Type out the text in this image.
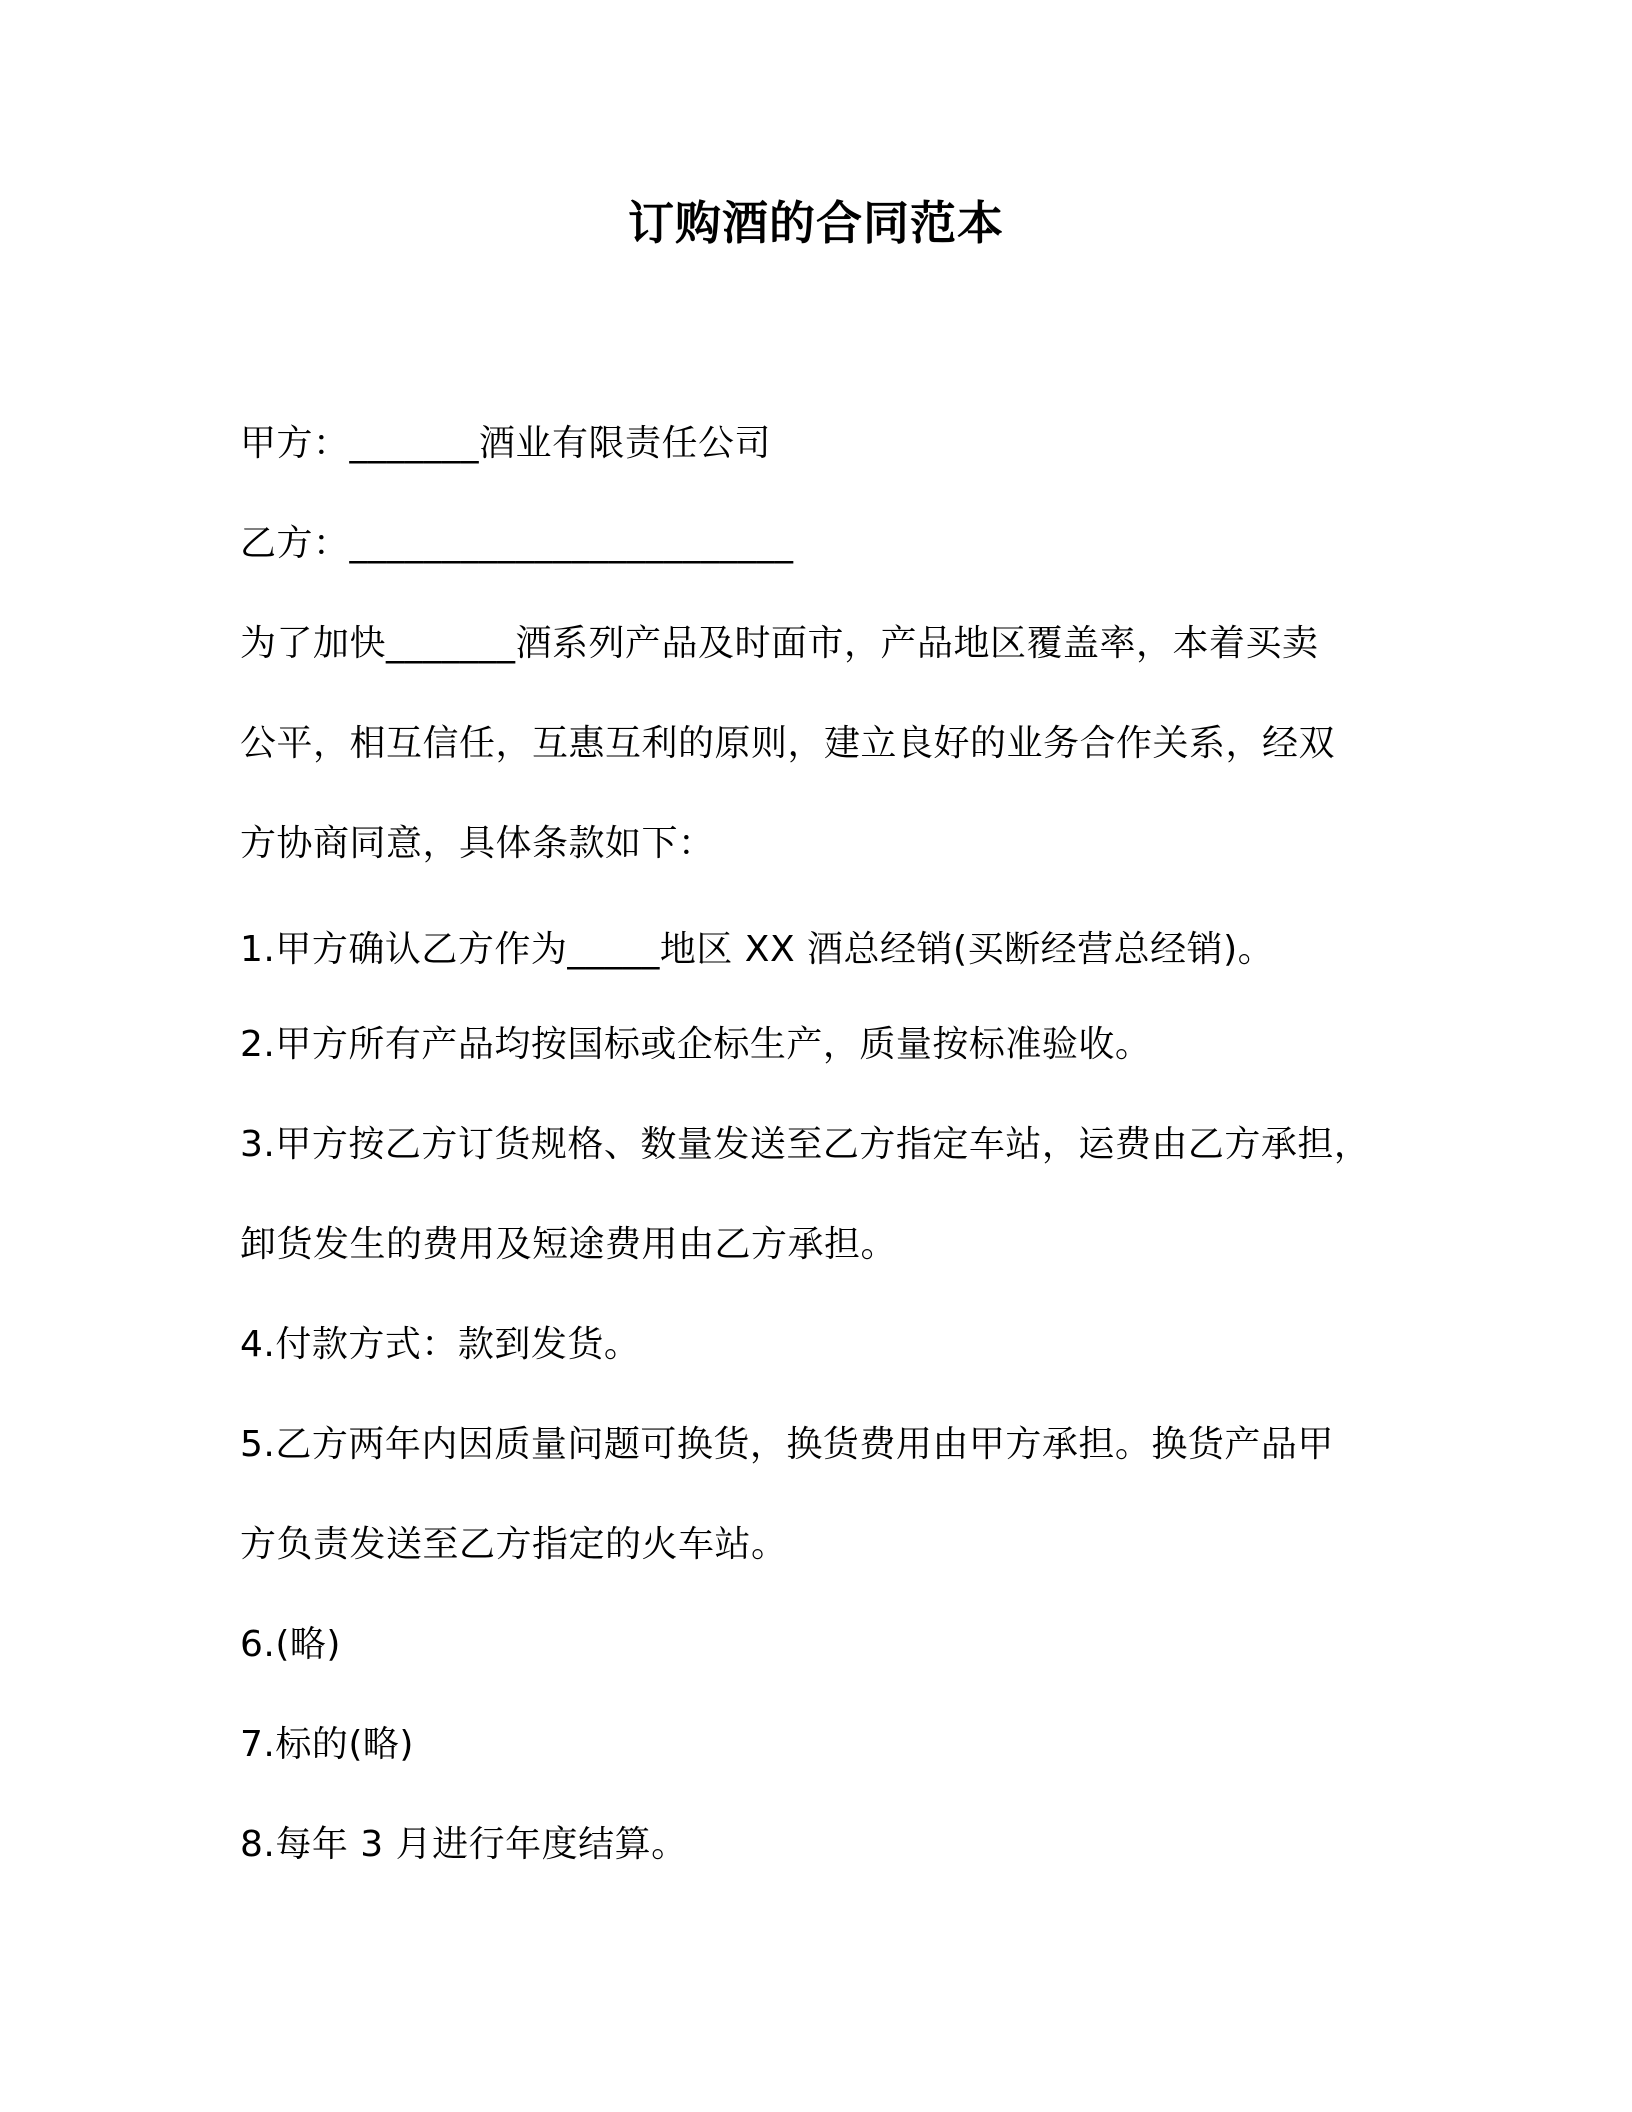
订购酒的合同范本

甲方：_______酒业有限责任公司

乙方：________________________

为了加快_______酒系列产品及时面市，产品地区覆盖率，本着买卖

公平，相互信任，互惠互利的原则，建立良好的业务合作关系，经双

方协商同意，具体条款如下：

1.甲方确认乙方作为_____地区 XX 酒总经销(买断经营总经销)。

2.甲方所有产品均按国标或企标生产，质量按标准验收。

3.甲方按乙方订货规格、数量发送至乙方指定车站，运费由乙方承担，

卸货发生的费用及短途费用由乙方承担。

4.付款方式：款到发货。

5.乙方两年内因质量问题可换货，换货费用由甲方承担。换货产品甲

方负责发送至乙方指定的火车站。

6.(略)

7.标的(略)

8.每年 3 月进行年度结算。
